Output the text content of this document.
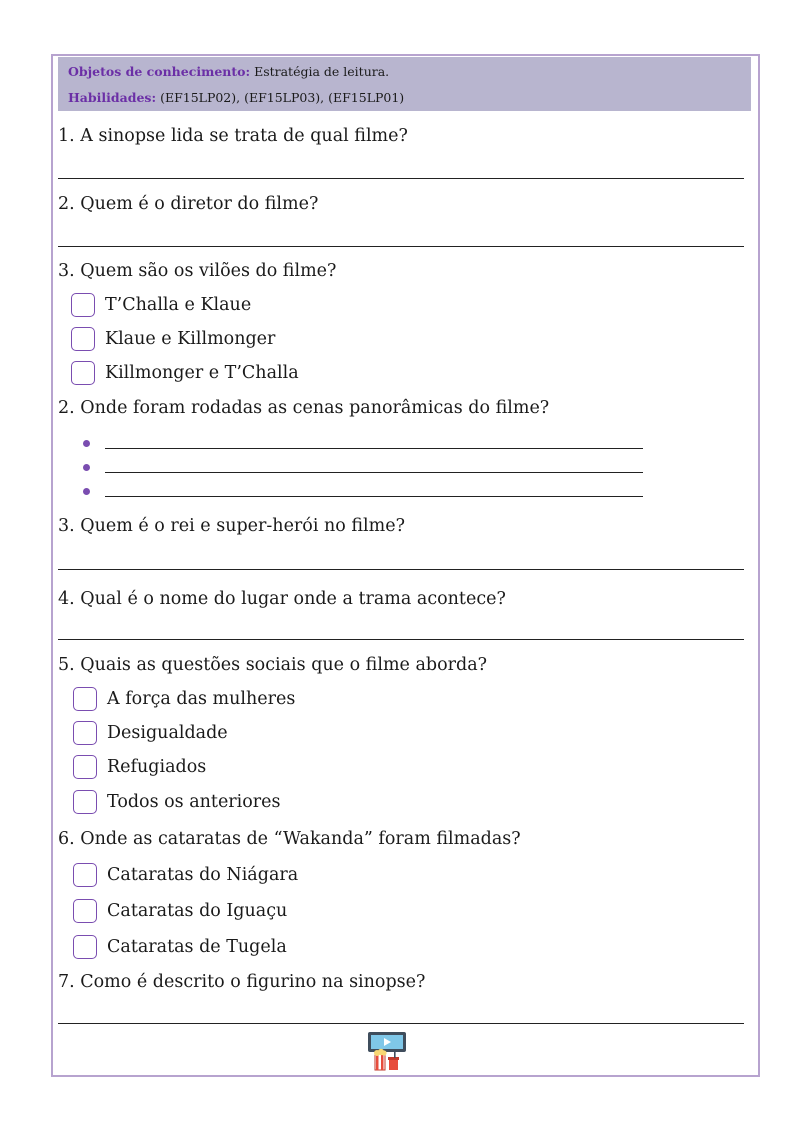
Objetos de conhecimento: Estratégia de leitura.
Habilidades: (EF15LP02), (EF15LP03), (EF15LP01)
1. A sinopse lida se trata de qual filme?
2. Quem é o diretor do filme?
3. Quem são os vilões do filme?
T’Challa e Klaue
Klaue e Killmonger
Killmonger e T’Challa
2. Onde foram rodadas as cenas panorâmicas do filme?
3. Quem é o rei e super-herói no filme?
4. Qual é o nome do lugar onde a trama acontece?
5. Quais as questões sociais que o filme aborda?
A força das mulheres
Desigualdade
Refugiados
Todos os anteriores
6. Onde as cataratas de “Wakanda” foram filmadas?
Cataratas do Niágara
Cataratas do Iguaçu
Cataratas de Tugela
7. Como é descrito o figurino na sinopse?
